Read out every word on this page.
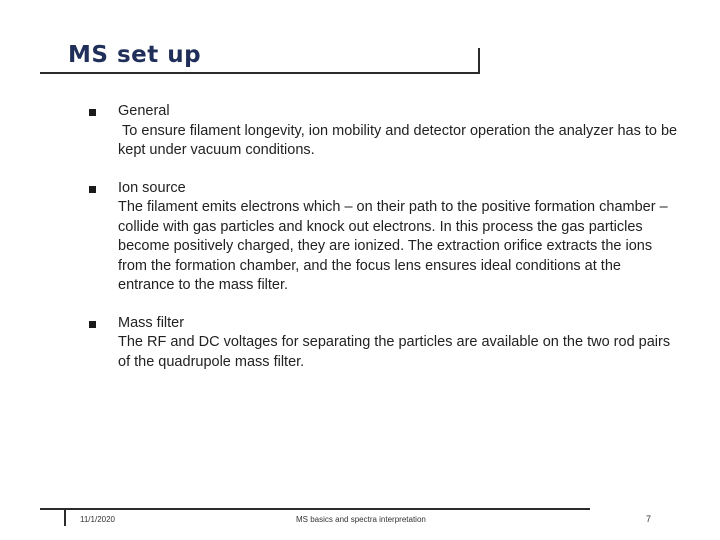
MS set up
General
To ensure filament longevity, ion mobility and detector operation the analyzer has to be kept under vacuum conditions.
Ion source
The filament emits electrons which – on their path to the positive formation chamber – collide with gas particles and knock out electrons. In this process the gas particles become positively charged, they are ionized. The extraction orifice extracts the ions from the formation chamber, and the focus lens ensures ideal conditions at the entrance to the mass filter.
Mass filter
The RF and DC voltages for separating the particles are available on the two rod pairs of the quadrupole mass filter.
11/1/2020	MS basics and spectra interpretation	7
